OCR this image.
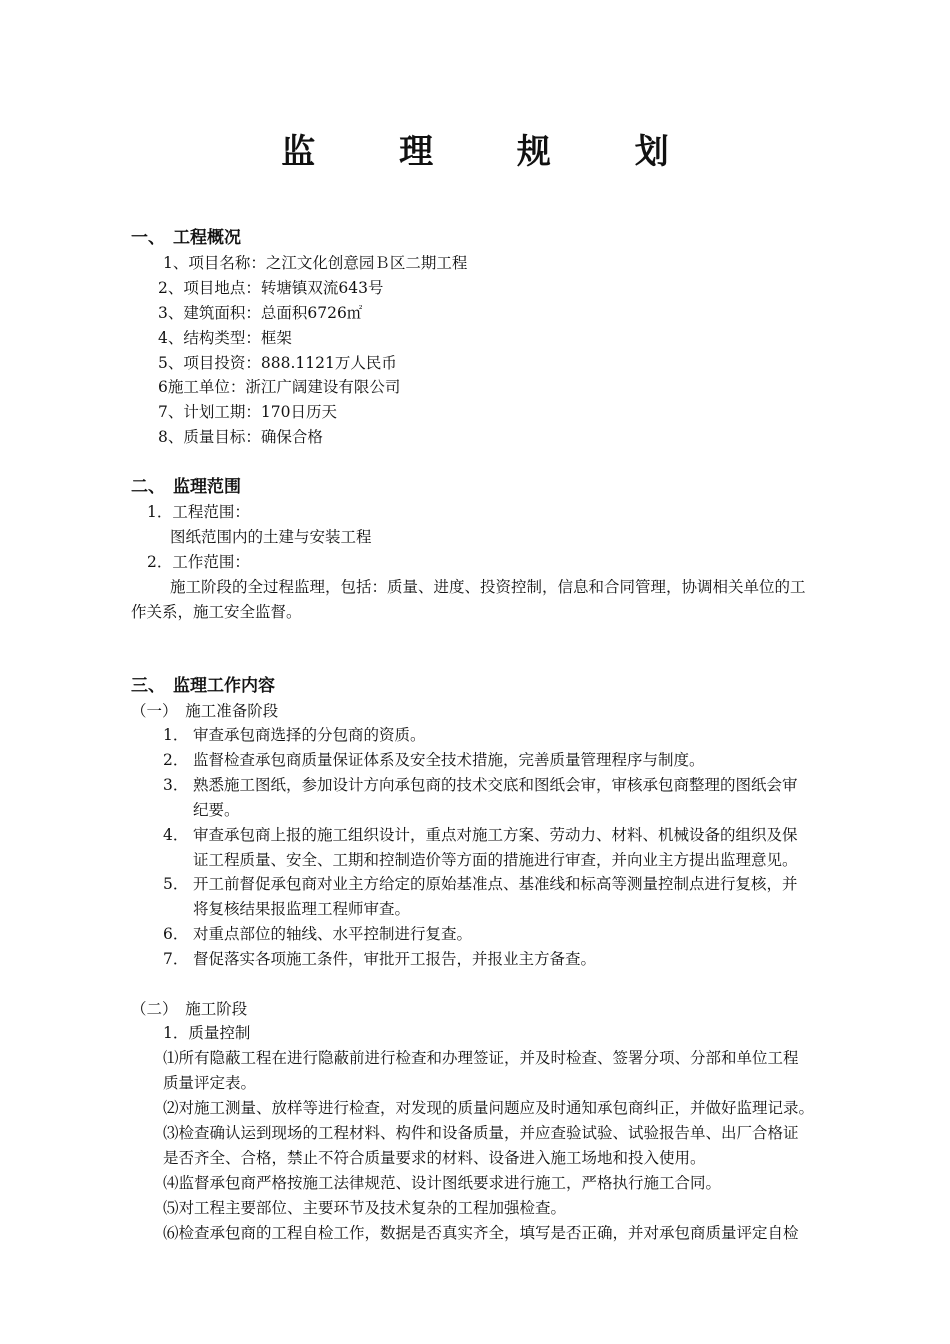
监 理 规 划
一、 工程概况
1、项目名称：之江文化创意园Ｂ区二期工程
2、项目地点：转塘镇双流643号
3、建筑面积：总面积6726㎡
4、结构类型：框架
5、项目投资：888.1121万人民币
6施工单位：浙江广阔建设有限公司
7、计划工期：170日历天
8、质量目标：确保合格
二、 监理范围
1．工程范围：
图纸范围内的土建与安装工程
2．工作范围：
施工阶段的全过程监理，包括：质量、进度、投资控制，信息和合同管理，协调相关单位的工
作关系，施工安全监督。
三、 监理工作内容
（一）　施工准备阶段
1． 审查承包商选择的分包商的资质。
2． 监督检查承包商质量保证体系及安全技术措施，完善质量管理程序与制度。
3． 熟悉施工图纸，参加设计方向承包商的技术交底和图纸会审，审核承包商整理的图纸会审
纪要。
4． 审查承包商上报的施工组织设计，重点对施工方案、劳动力、材料、机械设备的组织及保
证工程质量、安全、工期和控制造价等方面的措施进行审查，并向业主方提出监理意见。
5． 开工前督促承包商对业主方给定的原始基准点、基准线和标高等测量控制点进行复核，并
将复核结果报监理工程师审查。
6． 对重点部位的轴线、水平控制进行复查。
7． 督促落实各项施工条件，审批开工报告，并报业主方备查。
（二）　施工阶段
1．质量控制
⑴所有隐蔽工程在进行隐蔽前进行检查和办理签证，并及时检查、签署分项、分部和单位工程
质量评定表。
⑵对施工测量、放样等进行检查，对发现的质量问题应及时通知承包商纠正，并做好监理记录。
⑶检查确认运到现场的工程材料、构件和设备质量，并应查验试验、试验报告单、出厂合格证
是否齐全、合格，禁止不符合质量要求的材料、设备进入施工场地和投入使用。
⑷监督承包商严格按施工法律规范、设计图纸要求进行施工，严格执行施工合同。
⑸对工程主要部位、主要环节及技术复杂的工程加强检查。
⑹检查承包商的工程自检工作，数据是否真实齐全，填写是否正确，并对承包商质量评定自检
